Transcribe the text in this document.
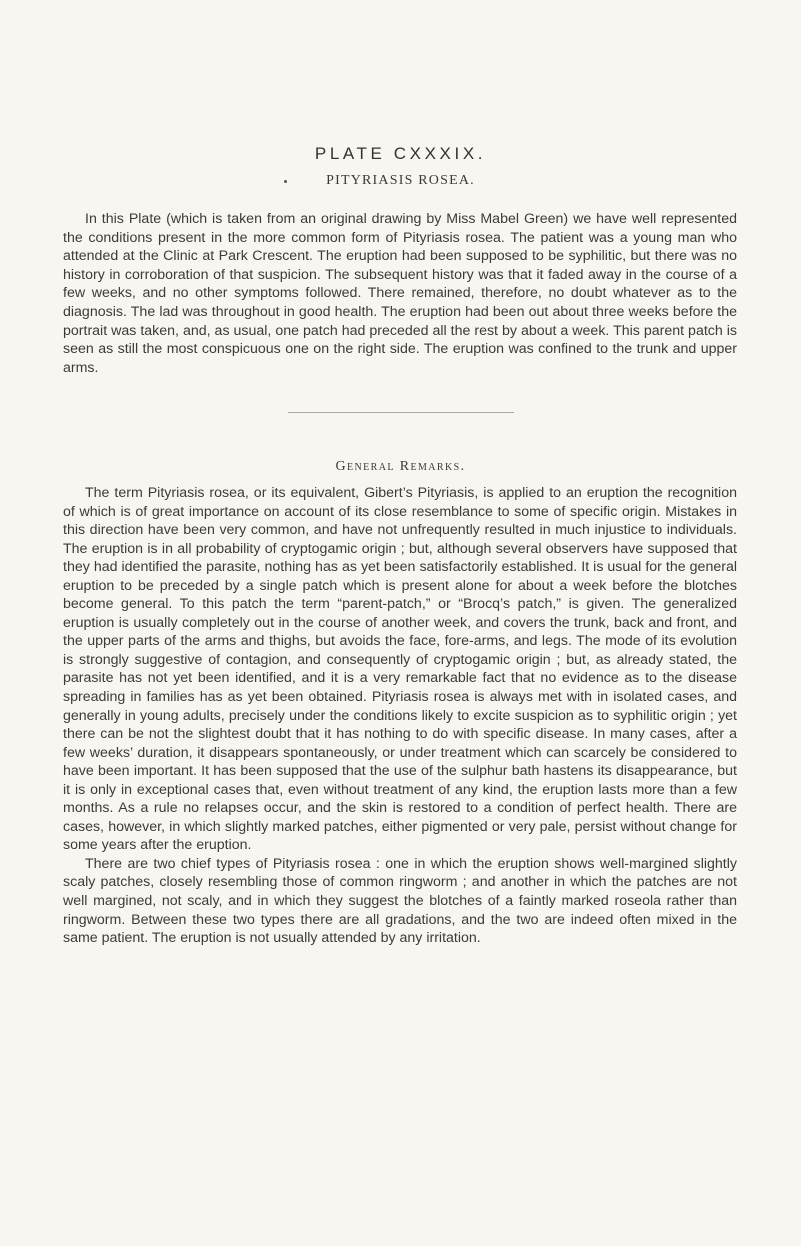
PLATE CXXXIX.
PITYRIASIS ROSEA.

In this Plate (which is taken from an original drawing by Miss Mabel Green) we have well represented the conditions present in the more common form of Pityriasis rosea. The patient was a young man who attended at the Clinic at Park Crescent. The eruption had been supposed to be syphilitic, but there was no history in corroboration of that suspicion. The subsequent history was that it faded away in the course of a few weeks, and no other symptoms followed. There remained, therefore, no doubt whatever as to the diagnosis. The lad was throughout in good health. The eruption had been out about three weeks before the portrait was taken, and, as usual, one patch had preceded all the rest by about a week. This parent patch is seen as still the most conspicuous one on the right side. The eruption was confined to the trunk and upper arms.

General Remarks.

The term Pityriasis rosea, or its equivalent, Gibert’s Pityriasis, is applied to an eruption the recognition of which is of great importance on account of its close resemblance to some of specific origin. Mistakes in this direction have been very common, and have not unfrequently resulted in much injustice to individuals. The eruption is in all probability of cryptogamic origin ; but, although several observers have supposed that they had identified the parasite, nothing has as yet been satisfactorily established. It is usual for the general eruption to be preceded by a single patch which is present alone for about a week before the blotches become general. To this patch the term “parent-patch,” or “Brocq’s patch,” is given. The generalized eruption is usually completely out in the course of another week, and covers the trunk, back and front, and the upper parts of the arms and thighs, but avoids the face, fore-arms, and legs. The mode of its evolution is strongly suggestive of contagion, and consequently of cryptogamic origin ; but, as already stated, the parasite has not yet been identified, and it is a very remarkable fact that no evidence as to the disease spreading in families has as yet been obtained. Pityriasis rosea is always met with in isolated cases, and generally in young adults, precisely under the conditions likely to excite suspicion as to syphilitic origin ; yet there can be not the slightest doubt that it has nothing to do with specific disease. In many cases, after a few weeks’ duration, it disappears spontaneously, or under treatment which can scarcely be considered to have been important. It has been supposed that the use of the sulphur bath hastens its disappearance, but it is only in exceptional cases that, even without treatment of any kind, the eruption lasts more than a few months. As a rule no relapses occur, and the skin is restored to a condition of perfect health. There are cases, however, in which slightly marked patches, either pigmented or very pale, persist without change for some years after the eruption.

There are two chief types of Pityriasis rosea : one in which the eruption shows well-margined slightly scaly patches, closely resembling those of common ringworm ; and another in which the patches are not well margined, not scaly, and in which they suggest the blotches of a faintly marked roseola rather than ringworm. Between these two types there are all gradations, and the two are indeed often mixed in the same patient. The eruption is not usually attended by any irritation.
